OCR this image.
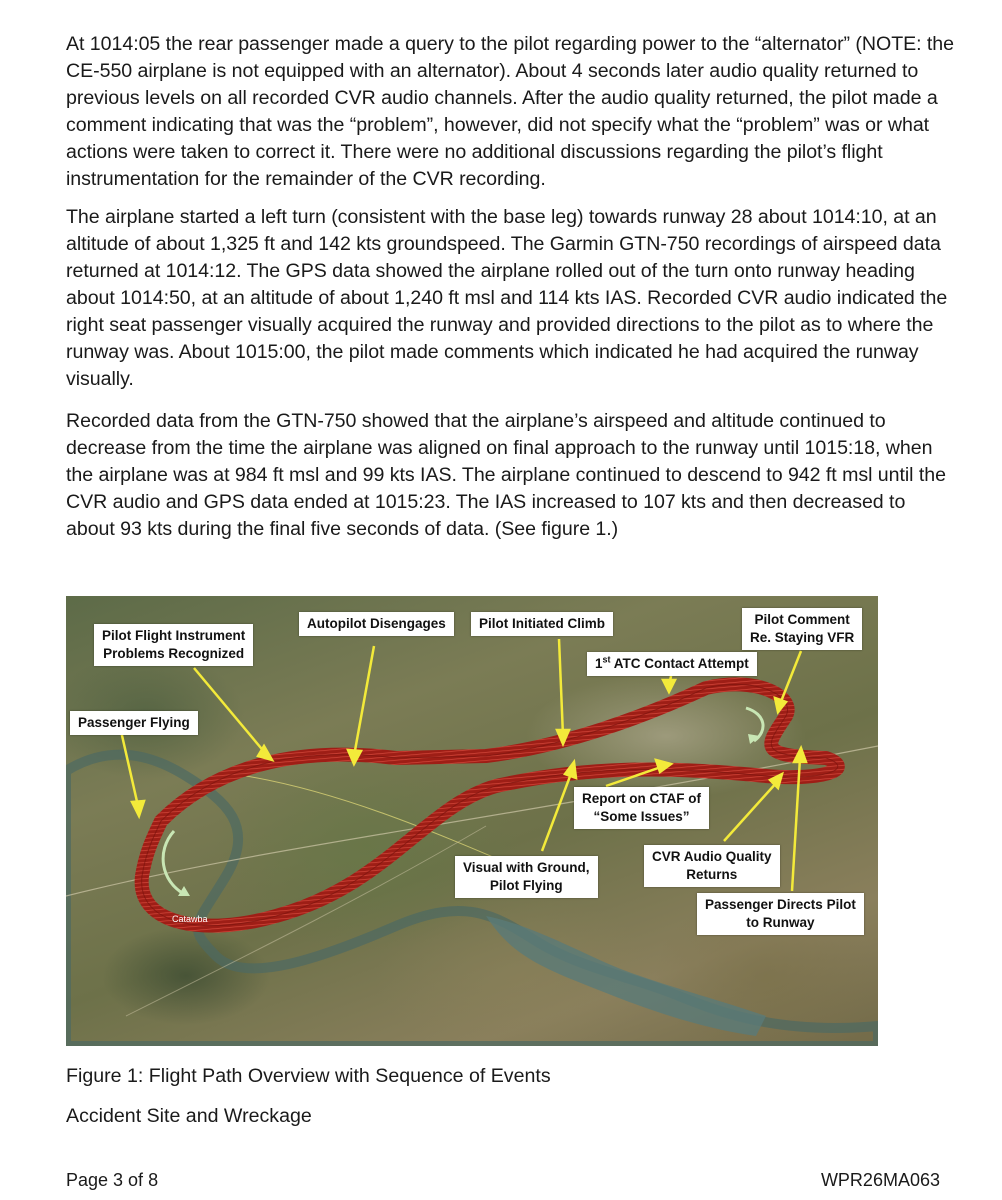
At 1014:05 the rear passenger made a query to the pilot regarding power to the “alternator” (NOTE: the CE-550 airplane is not equipped with an alternator). About 4 seconds later audio quality returned to previous levels on all recorded CVR audio channels. After the audio quality returned, the pilot made a comment indicating that was the “problem”, however, did not specify what the “problem” was or what actions were taken to correct it. There were no additional discussions regarding the pilot’s flight instrumentation for the remainder of the CVR recording.

The airplane started a left turn (consistent with the base leg) towards runway 28 about 1014:10, at an altitude of about 1,325 ft and 142 kts groundspeed. The Garmin GTN-750 recordings of airspeed data returned at 1014:12. The GPS data showed the airplane rolled out of the turn onto runway heading about 1014:50, at an altitude of about 1,240 ft msl and 114 kts IAS. Recorded CVR audio indicated the right seat passenger visually acquired the runway and provided directions to the pilot as to where the runway was. About 1015:00, the pilot made comments which indicated he had acquired the runway visually.

Recorded data from the GTN-750 showed that the airplane’s airspeed and altitude continued to decrease from the time the airplane was aligned on final approach to the runway until 1015:18, when the airplane was at 984 ft msl and 99 kts IAS. The airplane continued to descend to 942 ft msl until the CVR audio and GPS data ended at 1015:23. The IAS increased to 107 kts and then decreased to about 93 kts during the final five seconds of data. (See figure 1.)

Catawba
Pilot Flight Instrument
Problems Recognized
Autopilot Disengages Pilot Initiated Climb	Pilot Comment
Re. Staying VFR
1st ATC Contact Attempt
Passenger Flying
Report on CTAF of
“Some Issues”
Visual with Ground,
Pilot Flying
CVR Audio Quality
Returns
Passenger Directs Pilot
to Runway

Figure 1: Flight Path Overview with Sequence of Events

Accident Site and Wreckage

Page 3 of 8	WPR26MA063
